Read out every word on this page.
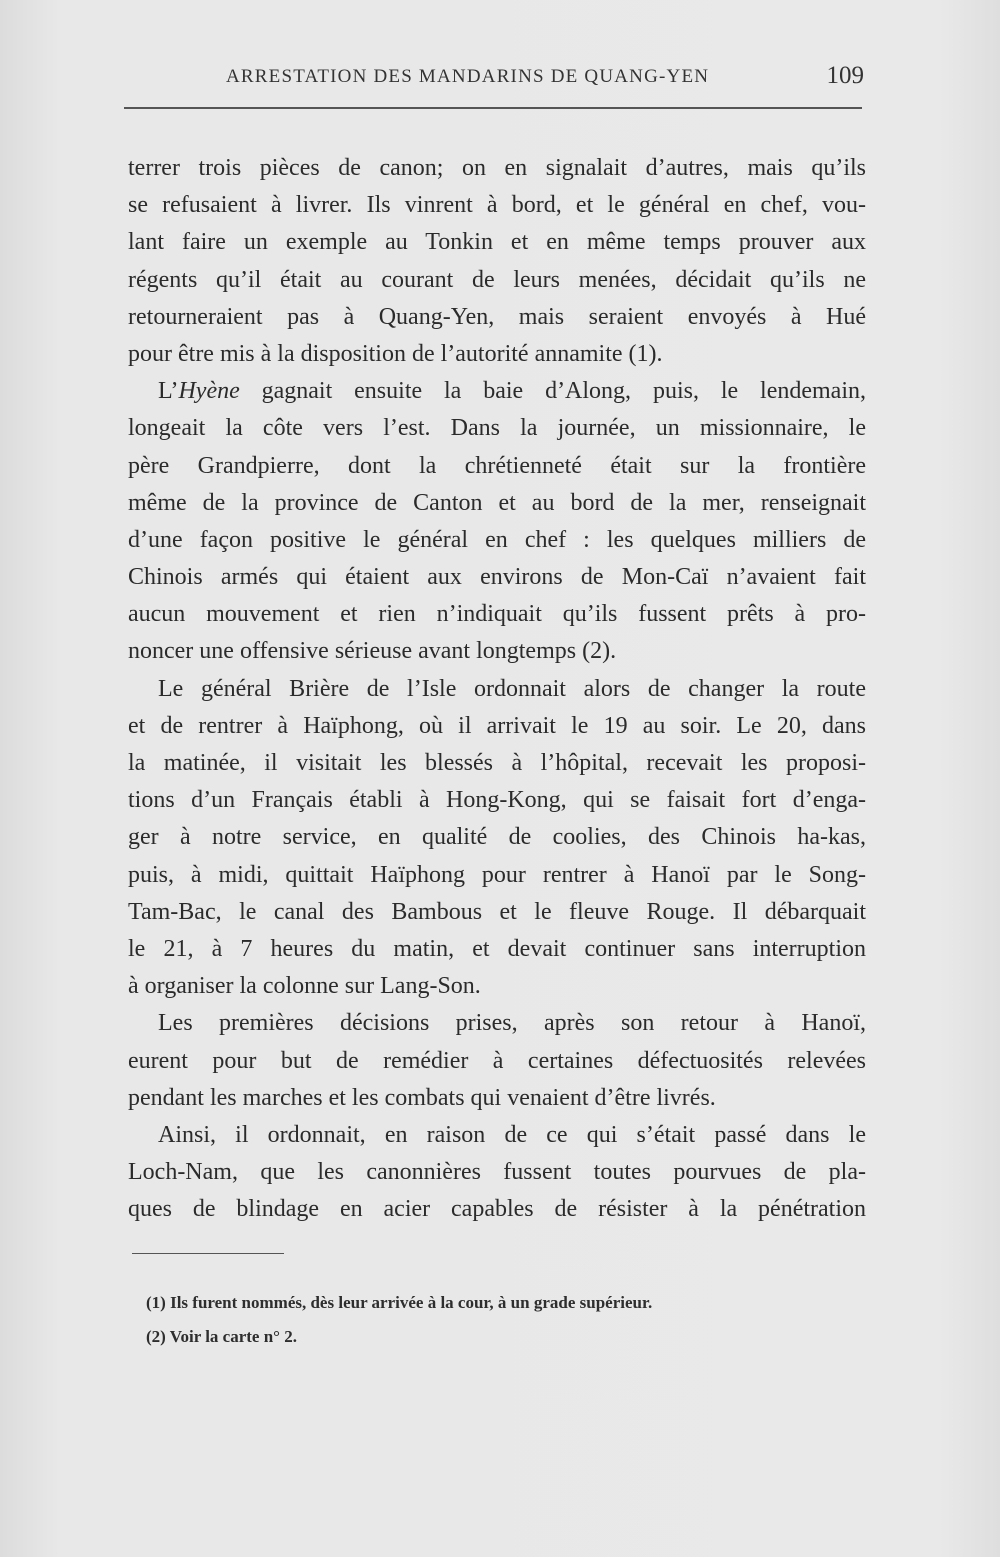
ARRESTATION DES MANDARINS DE QUANG-YEN	109
terrer trois pièces de canon; on en signalait d’autres, mais qu’ils
se refusaient à livrer. Ils vinrent à bord, et le général en chef, vou-
lant faire un exemple au Tonkin et en même temps prouver aux
régents qu’il était au courant de leurs menées, décidait qu’ils ne
retourneraient pas à Quang-Yen, mais seraient envoyés à Hué
pour être mis à la disposition de l’autorité annamite (1).
L’Hyène gagnait ensuite la baie d’Along, puis, le lendemain,
longeait la côte vers l’est. Dans la journée, un missionnaire, le
père Grandpierre, dont la chrétienneté était sur la frontière
même de la province de Canton et au bord de la mer, renseignait
d’une façon positive le général en chef : les quelques milliers de
Chinois armés qui étaient aux environs de Mon-Caï n’avaient fait
aucun mouvement et rien n’indiquait qu’ils fussent prêts à pro-
noncer une offensive sérieuse avant longtemps (2).
Le général Brière de l’Isle ordonnait alors de changer la route
et de rentrer à Haïphong, où il arrivait le 19 au soir. Le 20, dans
la matinée, il visitait les blessés à l’hôpital, recevait les proposi-
tions d’un Français établi à Hong-Kong, qui se faisait fort d’enga-
ger à notre service, en qualité de coolies, des Chinois ha-kas,
puis, à midi, quittait Haïphong pour rentrer à Hanoï par le Song-
Tam-Bac, le canal des Bambous et le fleuve Rouge. Il débarquait
le 21, à 7 heures du matin, et devait continuer sans interruption
à organiser la colonne sur Lang-Son.
Les premières décisions prises, après son retour à Hanoï,
eurent pour but de remédier à certaines défectuosités relevées
pendant les marches et les combats qui venaient d’être livrés.
Ainsi, il ordonnait, en raison de ce qui s’était passé dans le
Loch-Nam, que les canonnières fussent toutes pourvues de pla-
ques de blindage en acier capables de résister à la pénétration
(1) Ils furent nommés, dès leur arrivée à la cour, à un grade supérieur.
(2) Voir la carte n° 2.
